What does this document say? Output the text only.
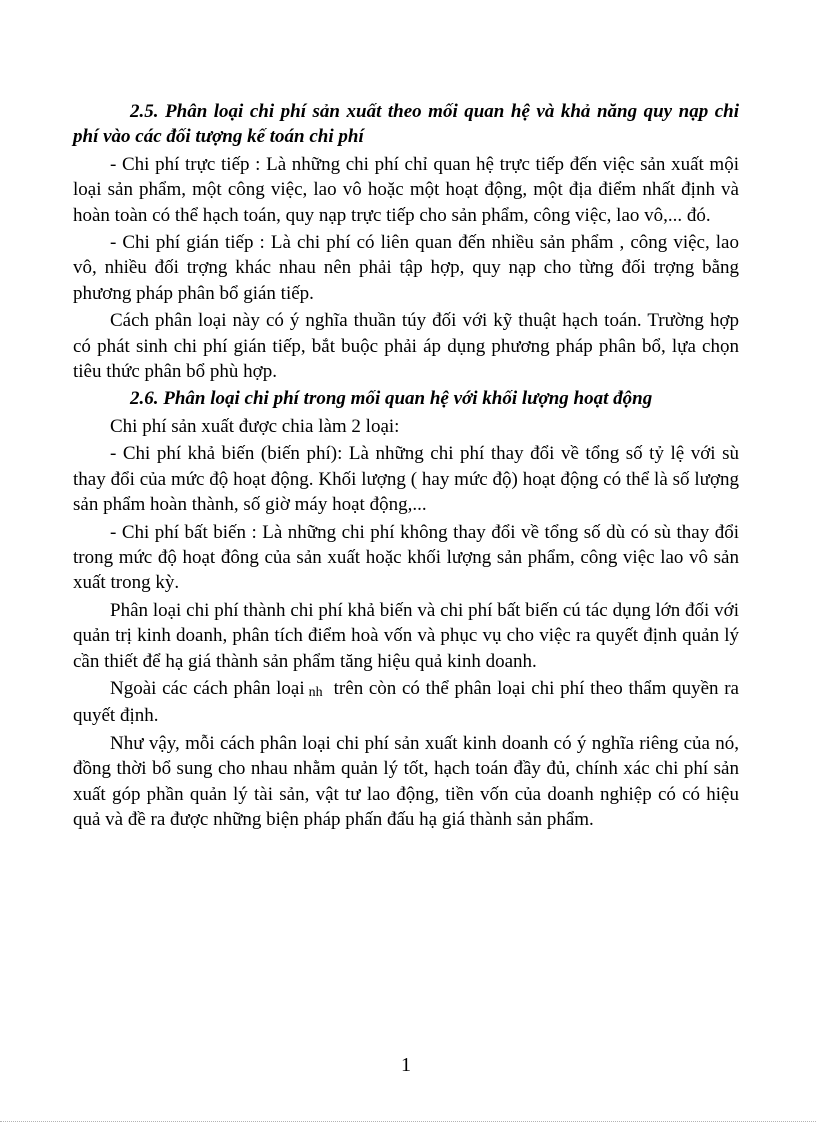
2.5. Phân loại chi phí sản xuất theo mối quan hệ và khả năng quy nạp chi phí vào các đối tượng kế toán chi phí

- Chi phí trực tiếp : Là những chi phí chỉ quan hệ trực tiếp đến việc sản xuất mội loại sản phẩm, một công việc, lao vô hoặc một hoạt động, một địa điểm nhất định và hoàn toàn có thể hạch toán, quy nạp trực tiếp cho sản phẩm, công việc, lao vô,... đó.

- Chi phí gián tiếp : Là chi phí có liên quan đến nhiều sản phẩm , công việc, lao vô, nhiều đối trợng khác nhau nên phải tập hợp, quy nạp cho từng đối trợng bằng phương pháp phân bổ gián tiếp.

Cách phân loại này có ý nghĩa thuần túy đối với kỹ thuật hạch toán. Trường hợp có phát sinh chi phí gián tiếp, bắt buộc phải áp dụng phương pháp phân bổ, lựa chọn tiêu thức phân bổ phù hợp.

2.6. Phân loại chi phí trong mối quan hệ với khối lượng hoạt động

Chi phí sản xuất được chia làm 2 loại:

- Chi phí khả biến (biến phí): Là những chi phí thay đổi về tổng số tỷ lệ với sù thay đổi của mức độ hoạt động. Khối lượng ( hay mức độ) hoạt động có thể là số lượng sản phẩm hoàn thành, số giờ máy hoạt động,...

- Chi phí bất biến : Là những chi phí không thay đổi về tổng số dù có sù thay đổi trong mức độ hoạt đông của sản xuất hoặc khối lượng sản phẩm, công việc lao vô sản xuất trong kỳ.

Phân loại chi phí thành chi phí khả biến và chi phí bất biến cú tác dụng lớn đối với quản trị kinh doanh, phân tích điểm hoà vốn và phục vụ cho việc ra quyết định quản lý cần thiết để hạ giá thành sản phẩm tăng hiệu quả kinh doanh.

Ngoài các cách phân loại nh trên còn có thể phân loại chi phí theo thẩm quyền ra quyết định.

Như vậy, mỗi cách phân loại chi phí sản xuất kinh doanh có ý nghĩa riêng của nó, đồng thời bổ sung cho nhau nhằm quản lý tốt, hạch toán đầy đủ, chính xác chi phí sản xuất góp phần quản lý tài sản, vật tư lao động, tiền vốn của doanh nghiệp có có hiệu quả và đề ra được những biện pháp phấn đấu hạ giá thành sản phẩm.

1
